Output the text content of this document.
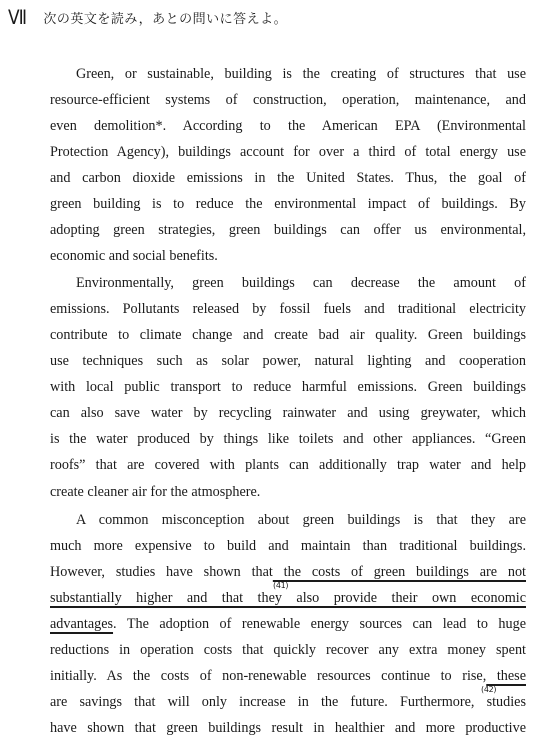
Ⅶ 次の英文を読み，あとの問いに答えよ。
Green, or sustainable, building is the creating of structures that use
resource-efficient systems of construction, operation, maintenance, and
even demolition*. According to the American EPA (Environmental
Protection Agency), buildings account for over a third of total energy use
and carbon dioxide emissions in the United States. Thus, the goal of
green building is to reduce the environmental impact of buildings. By
adopting green strategies, green buildings can offer us environmental,
economic and social benefits.
Environmentally, green buildings can decrease the amount of
emissions. Pollutants released by fossil fuels and traditional electricity
contribute to climate change and create bad air quality. Green buildings
use techniques such as solar power, natural lighting and cooperation
with local public transport to reduce harmful emissions. Green buildings
can also save water by recycling rainwater and using greywater, which
is the water produced by things like toilets and other appliances. “Green
roofs” that are covered with plants can additionally trap water and help
create cleaner air for the atmosphere.
A common misconception about green buildings is that they are
much more expensive to build and maintain than traditional buildings.
However, studies have shown that the costs of green buildings are not
substantially higher and that they also provide their own economic
advantages. The adoption of renewable energy sources can lead to huge
reductions in operation costs that quickly recover any extra money spent
initially. As the costs of non-renewable resources continue to rise, these
are savings that will only increase in the future. Furthermore, studies
have shown that green buildings result in healthier and more productive
(41)
(42)
